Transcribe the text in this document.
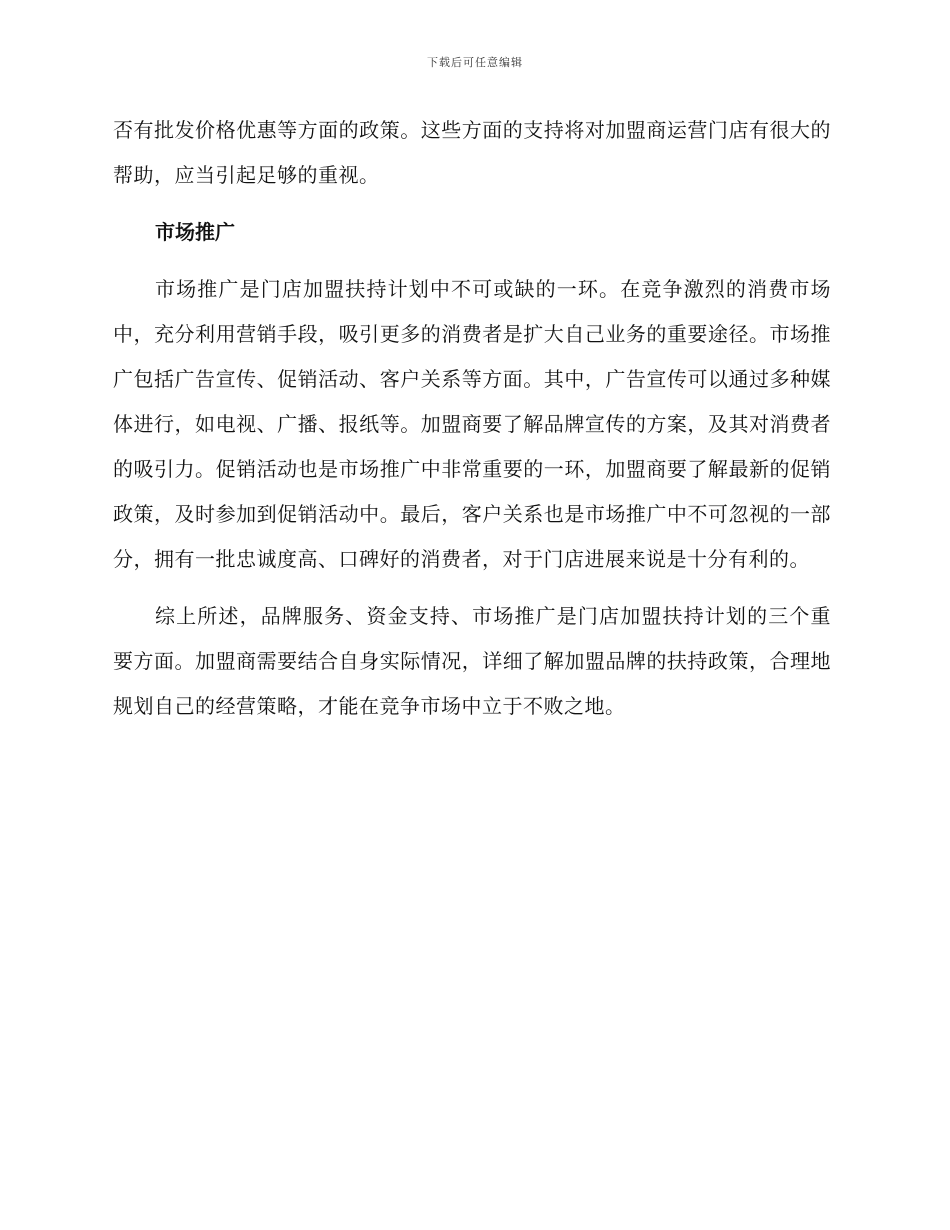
下载后可任意编辑

否有批发价格优惠等方面的政策。这些方面的支持将对加盟商运营门店有很大的帮助，应当引起足够的重视。

市场推广

市场推广是门店加盟扶持计划中不可或缺的一环。在竞争激烈的消费市场中，充分利用营销手段，吸引更多的消费者是扩大自己业务的重要途径。市场推广包括广告宣传、促销活动、客户关系等方面。其中，广告宣传可以通过多种媒体进行，如电视、广播、报纸等。加盟商要了解品牌宣传的方案，及其对消费者的吸引力。促销活动也是市场推广中非常重要的一环，加盟商要了解最新的促销政策，及时参加到促销活动中。最后，客户关系也是市场推广中不可忽视的一部分，拥有一批忠诚度高、口碑好的消费者，对于门店进展来说是十分有利的。

综上所述，品牌服务、资金支持、市场推广是门店加盟扶持计划的三个重要方面。加盟商需要结合自身实际情况，详细了解加盟品牌的扶持政策，合理地规划自己的经营策略，才能在竞争市场中立于不败之地。
